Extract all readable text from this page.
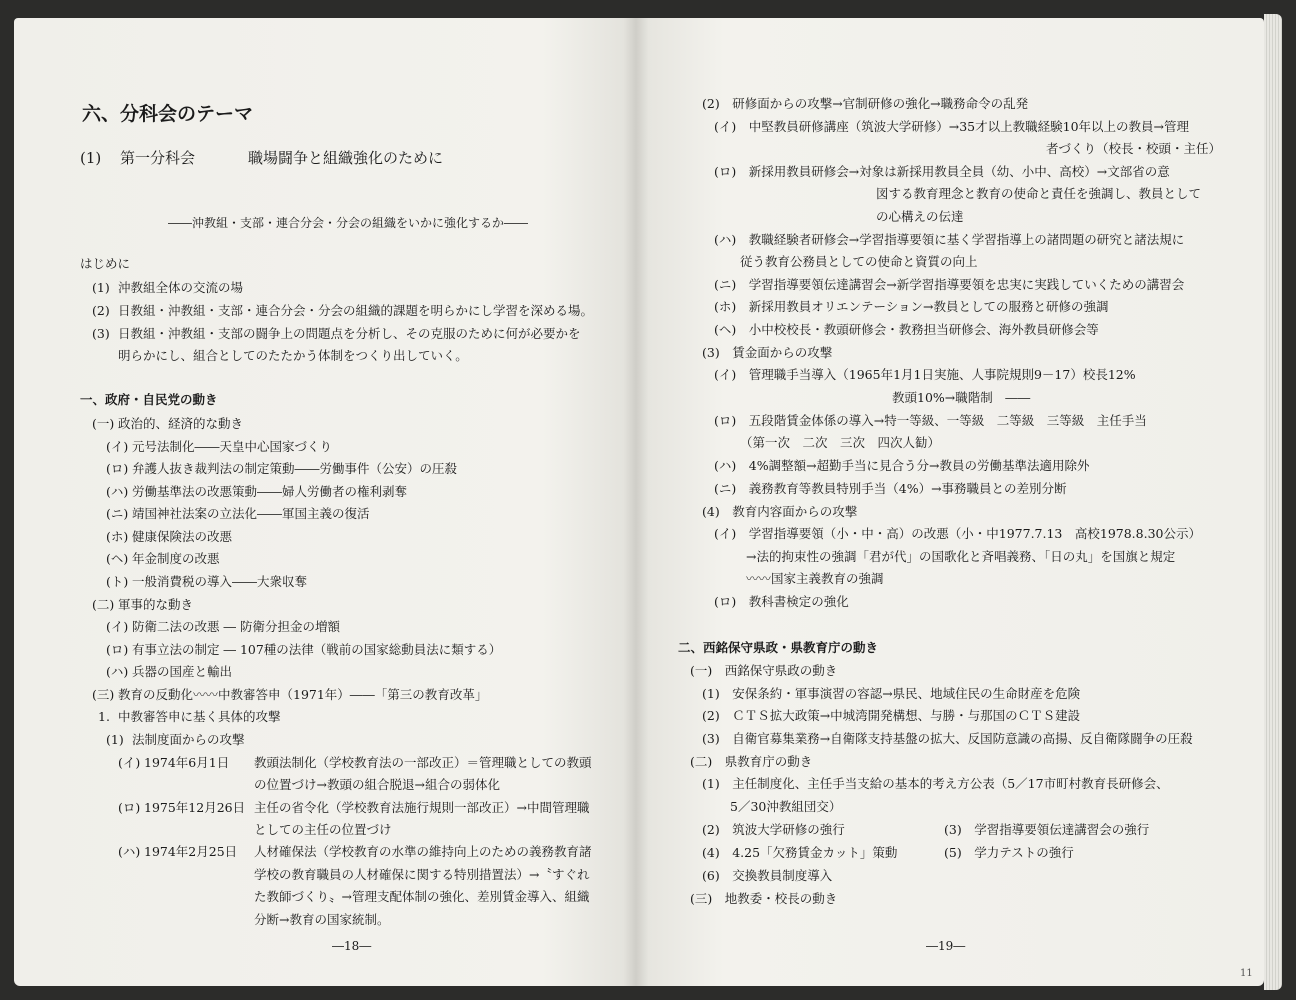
六、分科会のテーマ
(1) 第一分科会	職場闘争と組織強化のために
――沖教組・支部・連合分会・分会の組織をいかに強化するか――
はじめに
(1) 沖教組全体の交流の場
(2) 日教組・沖教組・支部・連合分会・分会の組織的課題を明らかにし学習を深める場。
(3) 日教組・沖教組・支部の闘争上の問題点を分析し、その克服のために何が必要かを
明らかにし、組合としてのたたかう体制をつくり出していく。
一、政府・自民党の動き
(一) 政治的、経済的な動き
(イ) 元号法制化――天皇中心国家づくり
(ロ) 弁護人抜き裁判法の制定策動――労働事件（公安）の圧殺
(ハ) 労働基準法の改悪策動――婦人労働者の権利剥奪
(ニ) 靖国神社法案の立法化――軍国主義の復活
(ホ) 健康保険法の改悪
(ヘ) 年金制度の改悪
(ト) 一般消費税の導入――大衆収奪
(二) 軍事的な動き
(イ) 防衛二法の改悪 ― 防衛分担金の増額
(ロ) 有事立法の制定 ― 107種の法律（戦前の国家総動員法に類する）
(ハ) 兵器の国産と輸出
(三) 教育の反動化〰〰中教審答申（1971年）――「第三の教育改革」
1. 中教審答申に基く具体的攻撃
(1) 法制度面からの攻撃
(イ) 1974年6月1日 教頭法制化（学校教育法の一部改正）＝管理職としての教頭
の位置づけ→教頭の組合脱退→組合の弱体化
(ロ) 1975年12月26日 主任の省令化（学校教育法施行規則一部改正）→中間管理職
としての主任の位置づけ
(ハ) 1974年2月25日 人材確保法（学校教育の水準の維持向上のための義務教育諸
学校の教育職員の人材確保に関する特別措置法）→〝すぐれ
た教師づくり〟→管理支配体制の強化、差別賃金導入、組織
分断→教育の国家統制。
―18―
(2)　研修面からの攻撃→官制研修の強化→職務命令の乱発
(イ)　中堅教員研修講座（筑波大学研修）→35才以上教職経験10年以上の教員→管理
者づくり（校長・校頭・主任）
(ロ)　新採用教員研修会→対象は新採用教員全員（幼、小中、高校）→文部省の意
図する教育理念と教育の使命と責任を強調し、教員として
の心構えの伝達
(ハ)　教職経験者研修会→学習指導要領に基く学習指導上の諸問題の研究と諸法規に
従う教育公務員としての使命と資質の向上
(ニ)　学習指導要領伝達講習会→新学習指導要領を忠実に実践していくための講習会
(ホ)　新採用教員オリエンテーション→教員としての服務と研修の強調
(ヘ)　小中校校長・教頭研修会・教務担当研修会、海外教員研修会等
(3)　賃金面からの攻撃
(イ)　管理職手当導入（1965年1月1日実施、人事院規則9－17）校長12%
教頭10%→職階制　――
(ロ)　五段階賃金体係の導入→特一等級、一等級　二等級　三等級　主任手当
（第一次　二次　三次　四次人勧）
(ハ)　4%調整額→超勤手当に見合う分→教員の労働基準法適用除外
(ニ)　義務教育等教員特別手当（4%）→事務職員との差別分断
(4)　教育内容面からの攻撃
(イ)　学習指導要領（小・中・高）の改悪（小・中1977.7.13　高校1978.8.30公示）
→法的拘束性の強調「君が代」の国歌化と斉唱義務、「日の丸」を国旗と規定
〰〰国家主義教育の強調
(ロ)　教科書検定の強化
二、西銘保守県政・県教育庁の動き
(一)　西銘保守県政の動き
(1)　安保条約・軍事演習の容認→県民、地域住民の生命財産を危険
(2)　ＣＴＳ拡大政策→中城湾開発構想、与勝・与那国のＣＴＳ建設
(3)　自衛官募集業務→自衛隊支持基盤の拡大、反国防意識の高揚、反自衛隊闘争の圧殺
(二)　県教育庁の動き
(1)　主任制度化、主任手当支給の基本的考え方公表（5／17市町村教育長研修会、
5／30沖教組団交）
(2)　筑波大学研修の強行	(3)　学習指導要領伝達講習会の強行
(4)　4.25「欠務賃金カット」策動	(5)　学力テストの強行
(6)　交換教員制度導入
(三)　地教委・校長の動き
―19―
11
